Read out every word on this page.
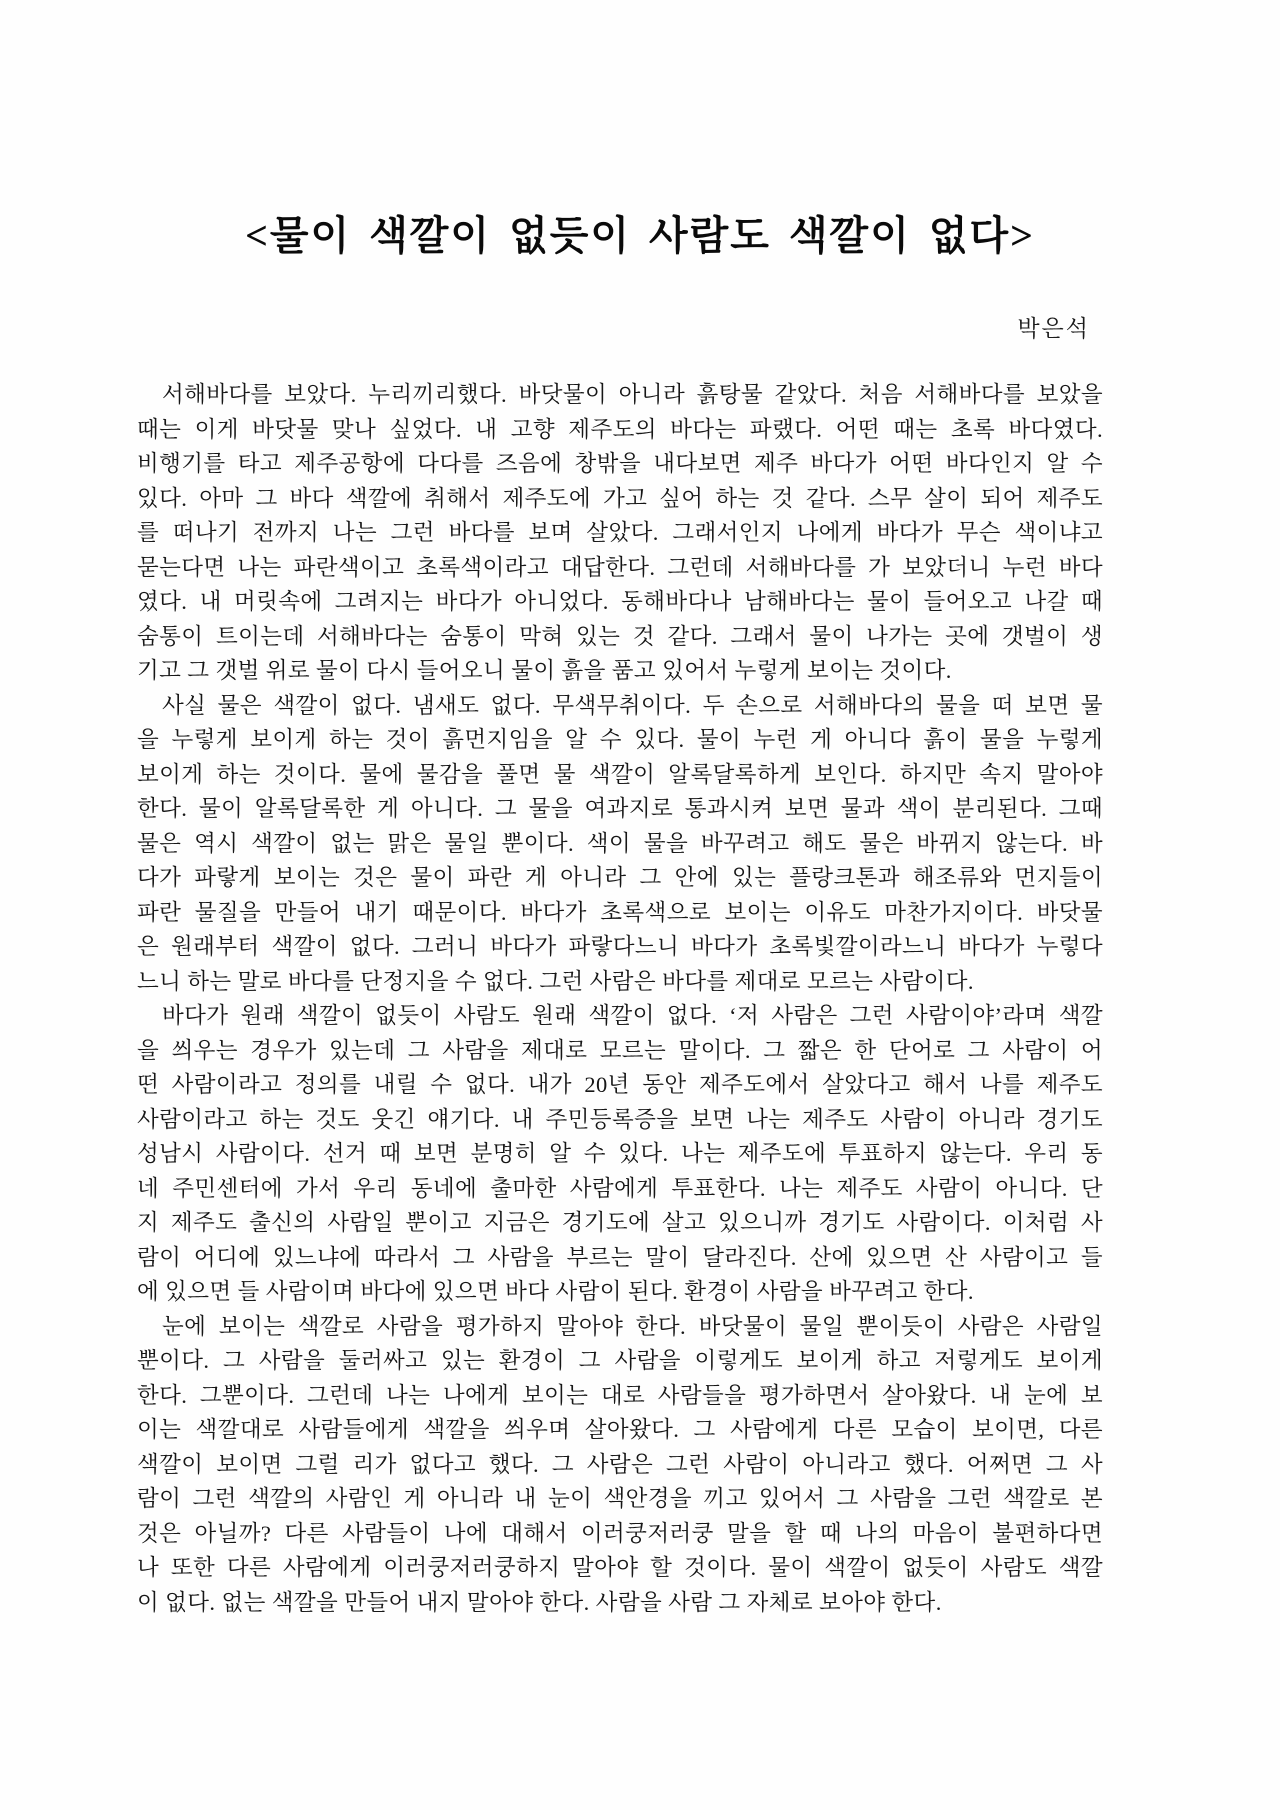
<물이 색깔이 없듯이 사람도 색깔이 없다>
박은석
서해바다를 보았다. 누리끼리했다. 바닷물이 아니라 흙탕물 같았다. 처음 서해바다를 보았을
때는 이게 바닷물 맞나 싶었다. 내 고향 제주도의 바다는 파랬다. 어떤 때는 초록 바다였다.
비행기를 타고 제주공항에 다다를 즈음에 창밖을 내다보면 제주 바다가 어떤 바다인지 알 수
있다. 아마 그 바다 색깔에 취해서 제주도에 가고 싶어 하는 것 같다. 스무 살이 되어 제주도
를 떠나기 전까지 나는 그런 바다를 보며 살았다. 그래서인지 나에게 바다가 무슨 색이냐고
묻는다면 나는 파란색이고 초록색이라고 대답한다. 그런데 서해바다를 가 보았더니 누런 바다
였다. 내 머릿속에 그려지는 바다가 아니었다. 동해바다나 남해바다는 물이 들어오고 나갈 때
숨통이 트이는데 서해바다는 숨통이 막혀 있는 것 같다. 그래서 물이 나가는 곳에 갯벌이 생
기고 그 갯벌 위로 물이 다시 들어오니 물이 흙을 품고 있어서 누렇게 보이는 것이다.
사실 물은 색깔이 없다. 냄새도 없다. 무색무취이다. 두 손으로 서해바다의 물을 떠 보면 물
을 누렇게 보이게 하는 것이 흙먼지임을 알 수 있다. 물이 누런 게 아니다 흙이 물을 누렇게
보이게 하는 것이다. 물에 물감을 풀면 물 색깔이 알록달록하게 보인다. 하지만 속지 말아야
한다. 물이 알록달록한 게 아니다. 그 물을 여과지로 통과시켜 보면 물과 색이 분리된다. 그때
물은 역시 색깔이 없는 맑은 물일 뿐이다. 색이 물을 바꾸려고 해도 물은 바뀌지 않는다. 바
다가 파랗게 보이는 것은 물이 파란 게 아니라 그 안에 있는 플랑크톤과 해조류와 먼지들이
파란 물질을 만들어 내기 때문이다. 바다가 초록색으로 보이는 이유도 마찬가지이다. 바닷물
은 원래부터 색깔이 없다. 그러니 바다가 파랗다느니 바다가 초록빛깔이라느니 바다가 누렇다
느니 하는 말로 바다를 단정지을 수 없다. 그런 사람은 바다를 제대로 모르는 사람이다.
바다가 원래 색깔이 없듯이 사람도 원래 색깔이 없다. ‘저 사람은 그런 사람이야’라며 색깔
을 씌우는 경우가 있는데 그 사람을 제대로 모르는 말이다. 그 짧은 한 단어로 그 사람이 어
떤 사람이라고 정의를 내릴 수 없다. 내가 20년 동안 제주도에서 살았다고 해서 나를 제주도
사람이라고 하는 것도 웃긴 얘기다. 내 주민등록증을 보면 나는 제주도 사람이 아니라 경기도
성남시 사람이다. 선거 때 보면 분명히 알 수 있다. 나는 제주도에 투표하지 않는다. 우리 동
네 주민센터에 가서 우리 동네에 출마한 사람에게 투표한다. 나는 제주도 사람이 아니다. 단
지 제주도 출신의 사람일 뿐이고 지금은 경기도에 살고 있으니까 경기도 사람이다. 이처럼 사
람이 어디에 있느냐에 따라서 그 사람을 부르는 말이 달라진다. 산에 있으면 산 사람이고 들
에 있으면 들 사람이며 바다에 있으면 바다 사람이 된다. 환경이 사람을 바꾸려고 한다.
눈에 보이는 색깔로 사람을 평가하지 말아야 한다. 바닷물이 물일 뿐이듯이 사람은 사람일
뿐이다. 그 사람을 둘러싸고 있는 환경이 그 사람을 이렇게도 보이게 하고 저렇게도 보이게
한다. 그뿐이다. 그런데 나는 나에게 보이는 대로 사람들을 평가하면서 살아왔다. 내 눈에 보
이는 색깔대로 사람들에게 색깔을 씌우며 살아왔다. 그 사람에게 다른 모습이 보이면, 다른
색깔이 보이면 그럴 리가 없다고 했다. 그 사람은 그런 사람이 아니라고 했다. 어쩌면 그 사
람이 그런 색깔의 사람인 게 아니라 내 눈이 색안경을 끼고 있어서 그 사람을 그런 색깔로 본
것은 아닐까? 다른 사람들이 나에 대해서 이러쿵저러쿵 말을 할 때 나의 마음이 불편하다면
나 또한 다른 사람에게 이러쿵저러쿵하지 말아야 할 것이다. 물이 색깔이 없듯이 사람도 색깔
이 없다. 없는 색깔을 만들어 내지 말아야 한다. 사람을 사람 그 자체로 보아야 한다.
